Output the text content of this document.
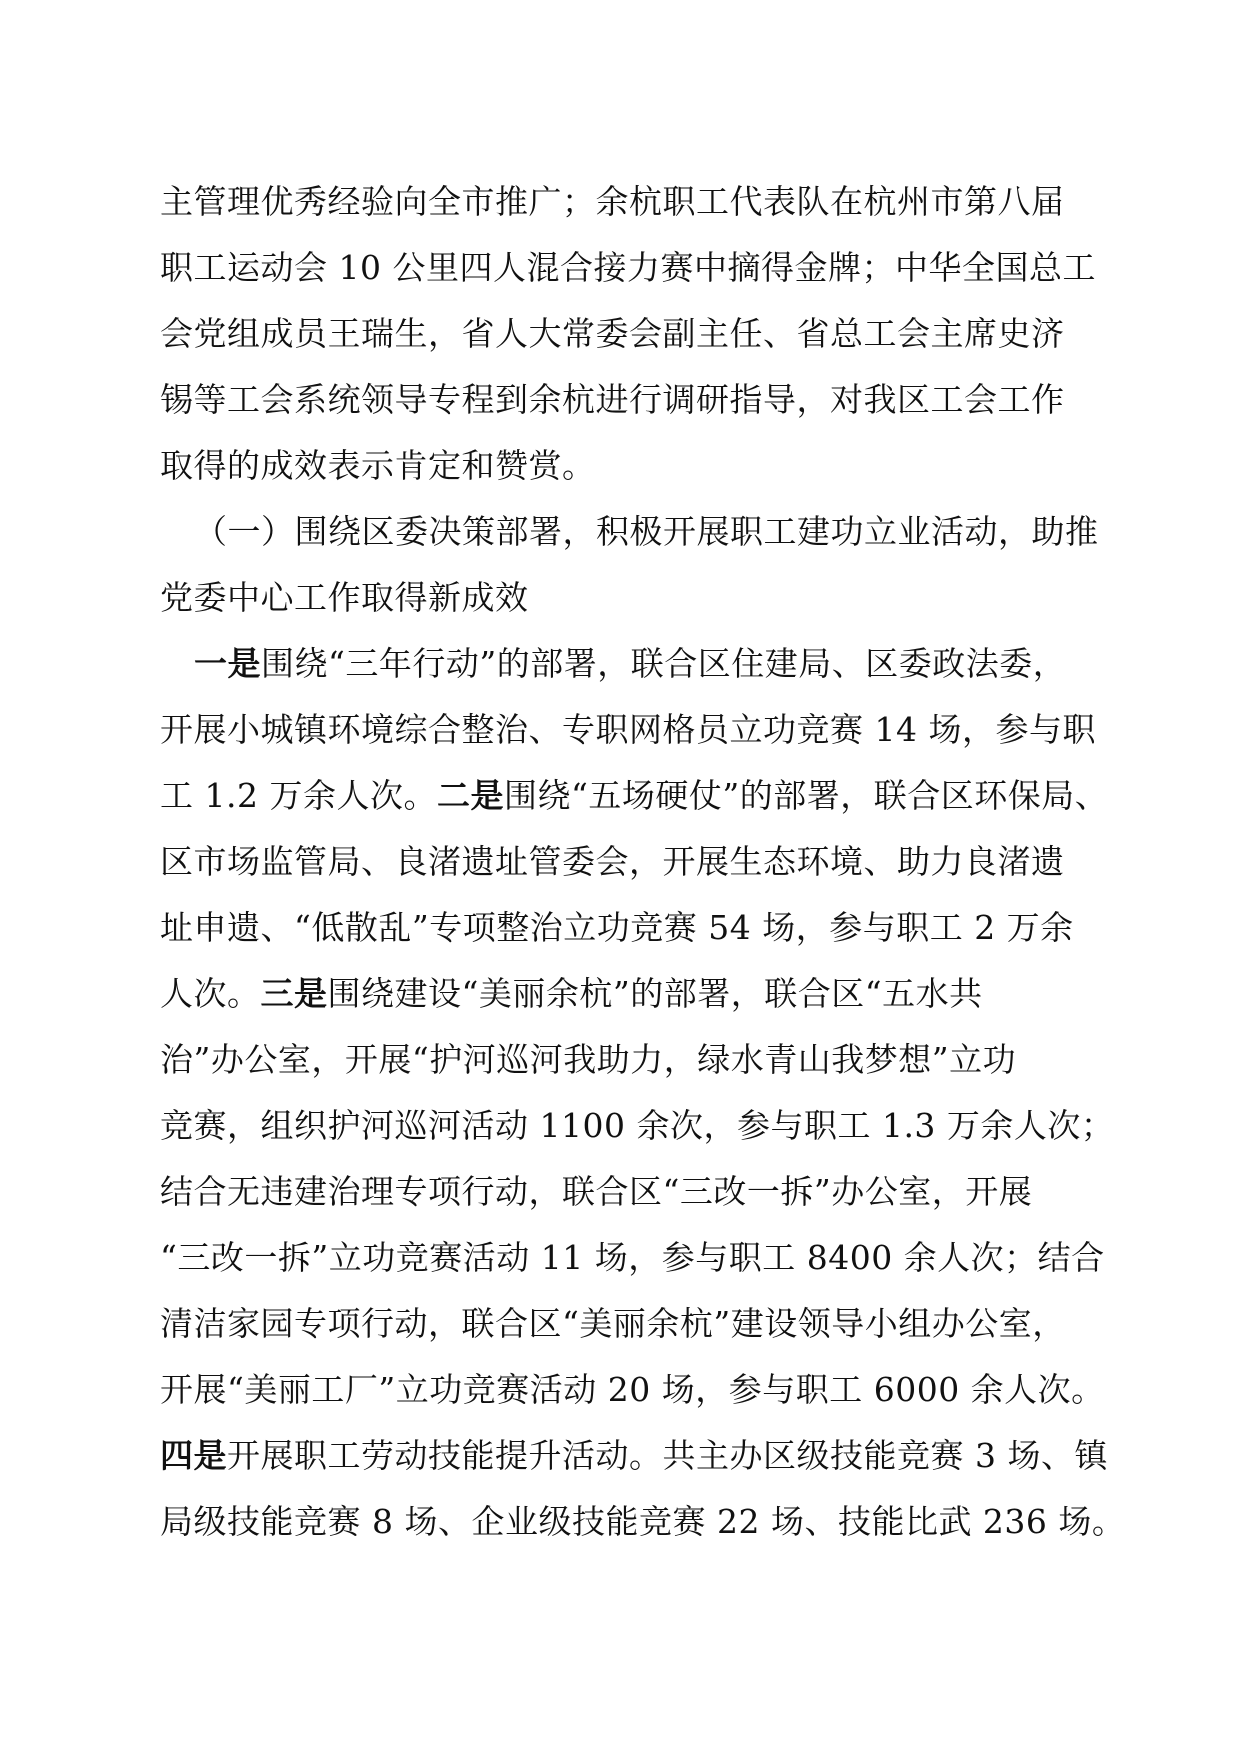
主管理优秀经验向全市推广；余杭职工代表队在杭州市第八届
职工运动会 10 公里四人混合接力赛中摘得金牌；中华全国总工
会党组成员王瑞生，省人大常委会副主任、省总工会主席史济
锡等工会系统领导专程到余杭进行调研指导，对我区工会工作
取得的成效表示肯定和赞赏。
（一）围绕区委决策部署，积极开展职工建功立业活动，助推
党委中心工作取得新成效
一是围绕“三年行动”的部署，联合区住建局、区委政法委，
开展小城镇环境综合整治、专职网格员立功竞赛 14 场，参与职
工 1.2 万余人次。二是围绕“五场硬仗”的部署，联合区环保局、
区市场监管局、良渚遗址管委会，开展生态环境、助力良渚遗
址申遗、“低散乱”专项整治立功竞赛 54 场，参与职工 2 万余
人次。三是围绕建设“美丽余杭”的部署，联合区“五水共
治”办公室，开展“护河巡河我助力，绿水青山我梦想”立功
竞赛，组织护河巡河活动 1100 余次，参与职工 1.3 万余人次；
结合无违建治理专项行动，联合区“三改一拆”办公室，开展
“三改一拆”立功竞赛活动 11 场，参与职工 8400 余人次；结合
清洁家园专项行动，联合区“美丽余杭”建设领导小组办公室，
开展“美丽工厂”立功竞赛活动 20 场，参与职工 6000 余人次。
四是开展职工劳动技能提升活动。共主办区级技能竞赛 3 场、镇
局级技能竞赛 8 场、企业级技能竞赛 22 场、技能比武 236 场。
